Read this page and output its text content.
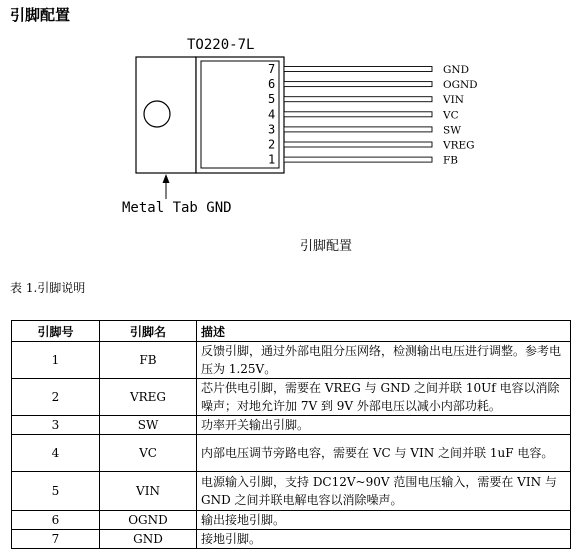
引脚配置
TO220-7L
7	GND
6	OGND
5	VIN
4	VC
3	SW
2	VREG
1	FB
Metal Tab GND
引脚配置
表 1.引脚说明
引脚号	引脚名	描述
1	FB	反馈引脚，通过外部电阻分压网络，检测输出电压进行调整。参考电压为 1.25V。
2	VREG	芯片供电引脚，需要在 VREG 与 GND 之间并联 10Uf 电容以消除噪声；对地允许加 7V 到 9V 外部电压以减小内部功耗。
3	SW	功率开关输出引脚。
4	VC	内部电压调节旁路电容，需要在 VC 与 VIN 之间并联 1uF 电容。
5	VIN	电源输入引脚，支持 DC12V~90V 范围电压输入，需要在 VIN 与 GND 之间并联电解电容以消除噪声。
6	OGND	输出接地引脚。
7	GND	接地引脚。
